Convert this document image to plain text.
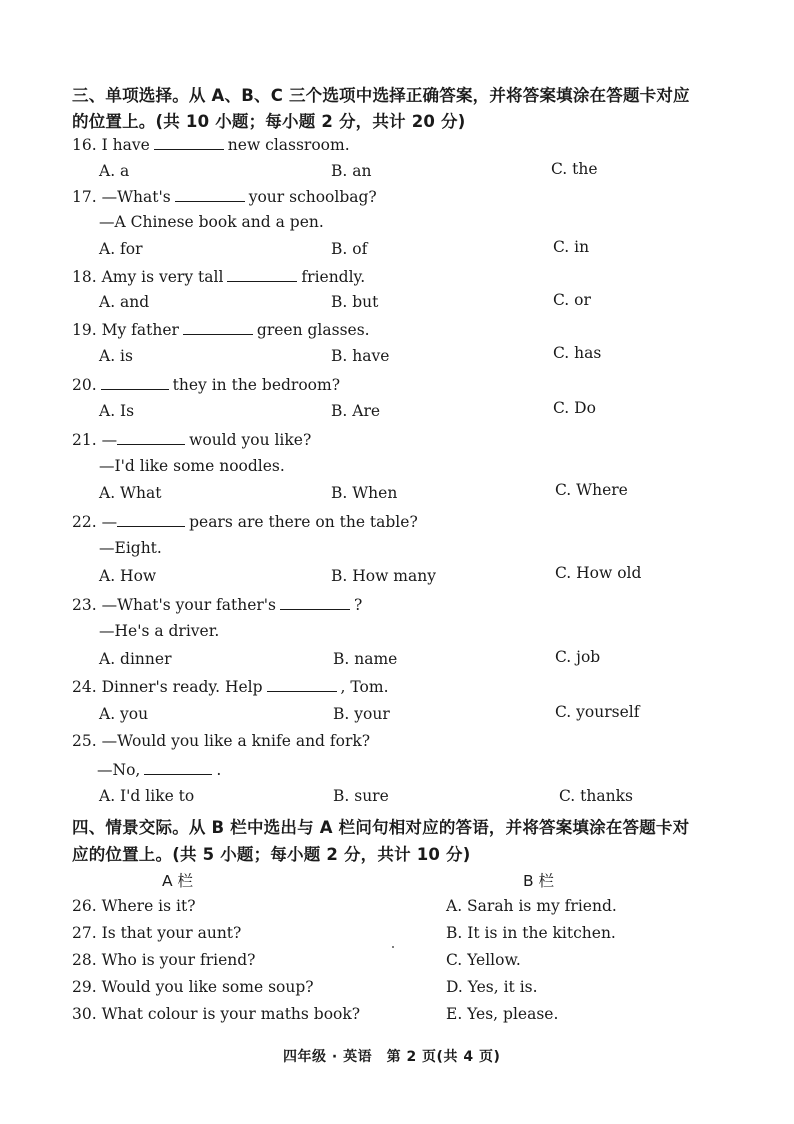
三、单项选择。从 A、B、C 三个选项中选择正确答案，并将答案填涂在答题卡对应
的位置上。(共 10 小题；每小题 2 分，共计 20 分)
16. I have	new classroom.
A. a	B. an	C. the
17. —What's	your schoolbag?
—A Chinese book and a pen.
A. for	B. of	C. in
18. Amy is very tall	friendly.
A. and	B. but	C. or
19. My father	green glasses.
A. is	B. have	C. has
20.	they in the bedroom?
A. Is	B. Are	C. Do
21. —	would you like?
—I'd like some noodles.
A. What	B. When	C. Where
22. —	pears are there on the table?
—Eight.
A. How	B. How many	C. How old
23. —What's your father's	?
—He's a driver.
A. dinner	B. name	C. job
24. Dinner's ready. Help	, Tom.
A. you	B. your	C. yourself
25. —Would you like a knife and fork?
—No,	.
A. I'd like to	B. sure	C. thanks
四、情景交际。从 B 栏中选出与 A 栏问句相对应的答语，并将答案填涂在答题卡对
应的位置上。(共 5 小题；每小题 2 分，共计 10 分)
A 栏	B 栏
26. Where is it?	A. Sarah is my friend.
27. Is that your aunt?	B. It is in the kitchen.
28. Who is your friend?	C. Yellow.
29. Would you like some soup?	D. Yes, it is.
30. What colour is your maths book?	E. Yes, please.
四年级 · 英语　第 2 页(共 4 页)
